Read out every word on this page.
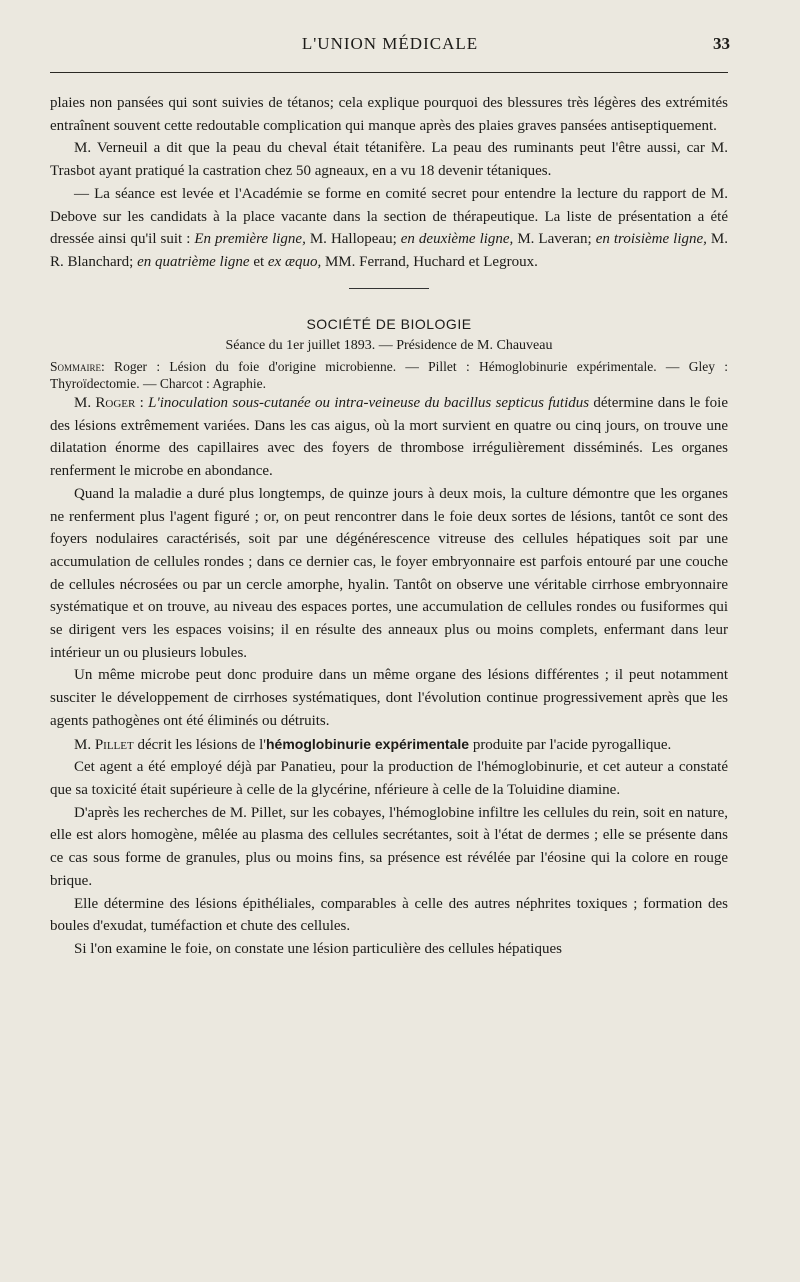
L'UNION MÉDICALE	33

plaies non pansées qui sont suivies de tétanos; cela explique pourquoi des blessures très légères des extrémités entraînent souvent cette redoutable complication qui manque après des plaies graves pansées antiseptiquement.

M. Verneuil a dit que la peau du cheval était tétanifère. La peau des ruminants peut l'être aussi, car M. Trasbot ayant pratiqué la castration chez 50 agneaux, en a vu 18 devenir tétaniques.

— La séance est levée et l'Académie se forme en comité secret pour entendre la lecture du rapport de M. Debove sur les candidats à la place vacante dans la section de thérapeutique. La liste de présentation a été dressée ainsi qu'il suit : En première ligne, M. Hallopeau; en deuxième ligne, M. Laveran; en troisième ligne, M. R. Blanchard; en quatrième ligne et ex æquo, MM. Ferrand, Huchard et Legroux.

SOCIÉTÉ DE BIOLOGIE

Séance du 1er juillet 1893. — Présidence de M. Chauveau

Sommaire: Roger : Lésion du foie d'origine microbienne. — Pillet : Hémoglobinurie expérimentale. — Gley : Thyroïdectomie. — Charcot : Agraphie.

M. Roger : L'inoculation sous-cutanée ou intra-veineuse du bacillus septicus futidus détermine dans le foie des lésions extrêmement variées. Dans les cas aigus, où la mort survient en quatre ou cinq jours, on trouve une dilatation énorme des capillaires avec des foyers de thrombose irrégulièrement disséminés. Les organes renferment le microbe en abondance.

Quand la maladie a duré plus longtemps, de quinze jours à deux mois, la culture démontre que les organes ne renferment plus l'agent figuré ; or, on peut rencontrer dans le foie deux sortes de lésions, tantôt ce sont des foyers nodulaires caractérisés, soit par une dégénérescence vitreuse des cellules hépatiques soit par une accumulation de cellules rondes ; dans ce dernier cas, le foyer embryonnaire est parfois entouré par une couche de cellules nécrosées ou par un cercle amorphe, hyalin. Tantôt on observe une véritable cirrhose embryonnaire systématique et on trouve, au niveau des espaces portes, une accumulation de cellules rondes ou fusiformes qui se dirigent vers les espaces voisins; il en résulte des anneaux plus ou moins complets, enfermant dans leur intérieur un ou plusieurs lobules.

Un même microbe peut donc produire dans un même organe des lésions différentes ; il peut notamment susciter le développement de cirrhoses systématiques, dont l'évolution continue progressivement après que les agents pathogènes ont été éliminés ou détruits.

M. Pillet décrit les lésions de l'hémoglobinurie expérimentale produite par l'acide pyrogallique.

Cet agent a été employé déjà par Panatieu, pour la production de l'hémoglobinurie, et cet auteur a constaté que sa toxicité était supérieure à celle de la glycérine, nférieure à celle de la Toluidine diamine.

D'après les recherches de M. Pillet, sur les cobayes, l'hémoglobine infiltre les cellules du rein, soit en nature, elle est alors homogène, mêlée au plasma des cellules secrétantes, soit à l'état de dermes ; elle se présente dans ce cas sous forme de granules, plus ou moins fins, sa présence est révélée par l'éosine qui la colore en rouge brique.

Elle détermine des lésions épithéliales, comparables à celle des autres néphrites toxiques ; formation des boules d'exudat, tuméfaction et chute des cellules.

Si l'on examine le foie, on constate une lésion particulière des cellules hépatiques
